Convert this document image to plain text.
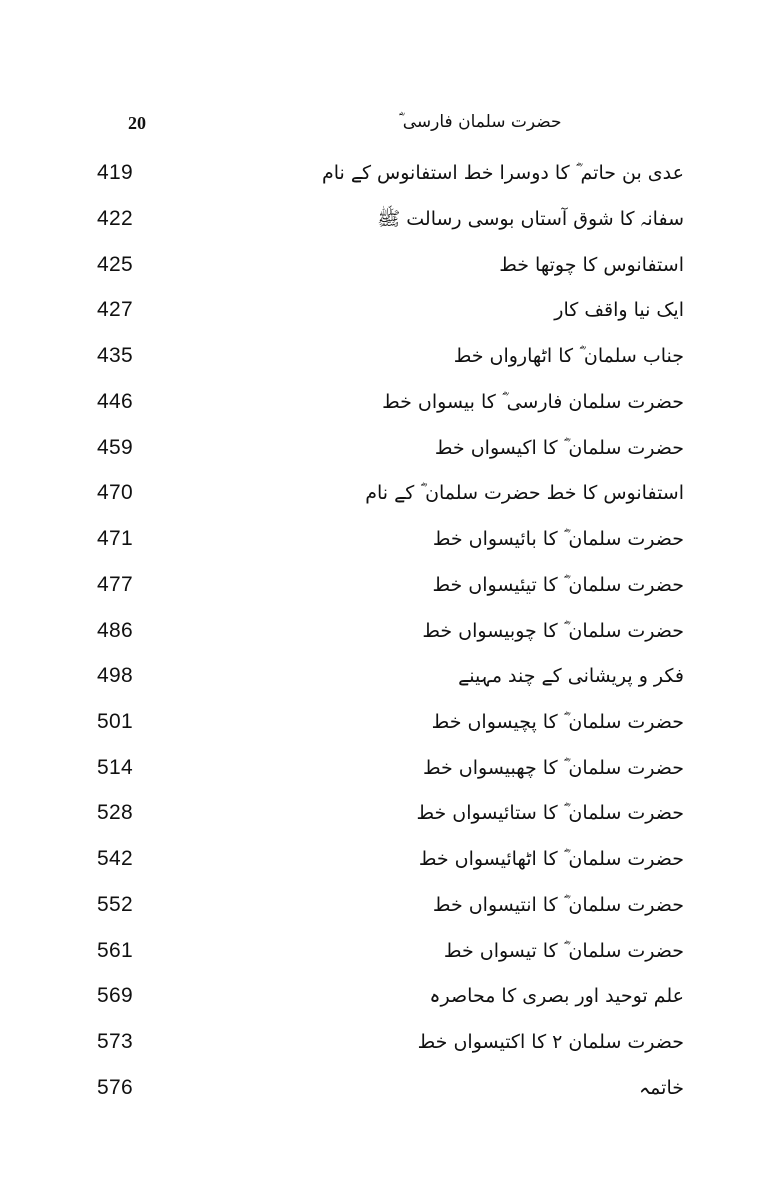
20	حضرت سلمان فارسی ؓ
عدی بن حاتم ؓ کا دوسرا خط استفانوس کے نام
419
سفانہ کا شوق آستاں بوسی رسالت ﷺ
422
استفانوس کا چوتھا خط
425
ایک نیا واقف کار
427
جناب سلمان ؓ کا اٹھارواں خط
435
حضرت سلمان فارسی ؓ کا بیسواں خط
446
حضرت سلمان ؓ کا اکیسواں خط
459
استفانوس کا خط حضرت سلمان ؓ کے نام
470
حضرت سلمان ؓ کا بائیسواں خط
471
حضرت سلمان ؓ کا تیئیسواں خط
477
حضرت سلمان ؓ کا چوبیسواں خط
486
فکر و پریشانی کے چند مہینے
498
حضرت سلمان ؓ کا پچیسواں خط
501
حضرت سلمان ؓ کا چھبیسواں خط
514
حضرت سلمان ؓ کا ستائیسواں خط
528
حضرت سلمان ؓ کا اٹھائیسواں خط
542
حضرت سلمان ؓ کا انتیسواں خط
552
حضرت سلمان ؓ کا تیسواں خط
561
علم توحید اور بصری کا محاصرہ
569
حضرت سلمان ۲ کا اکتیسواں خط
573
خاتمہ
576
